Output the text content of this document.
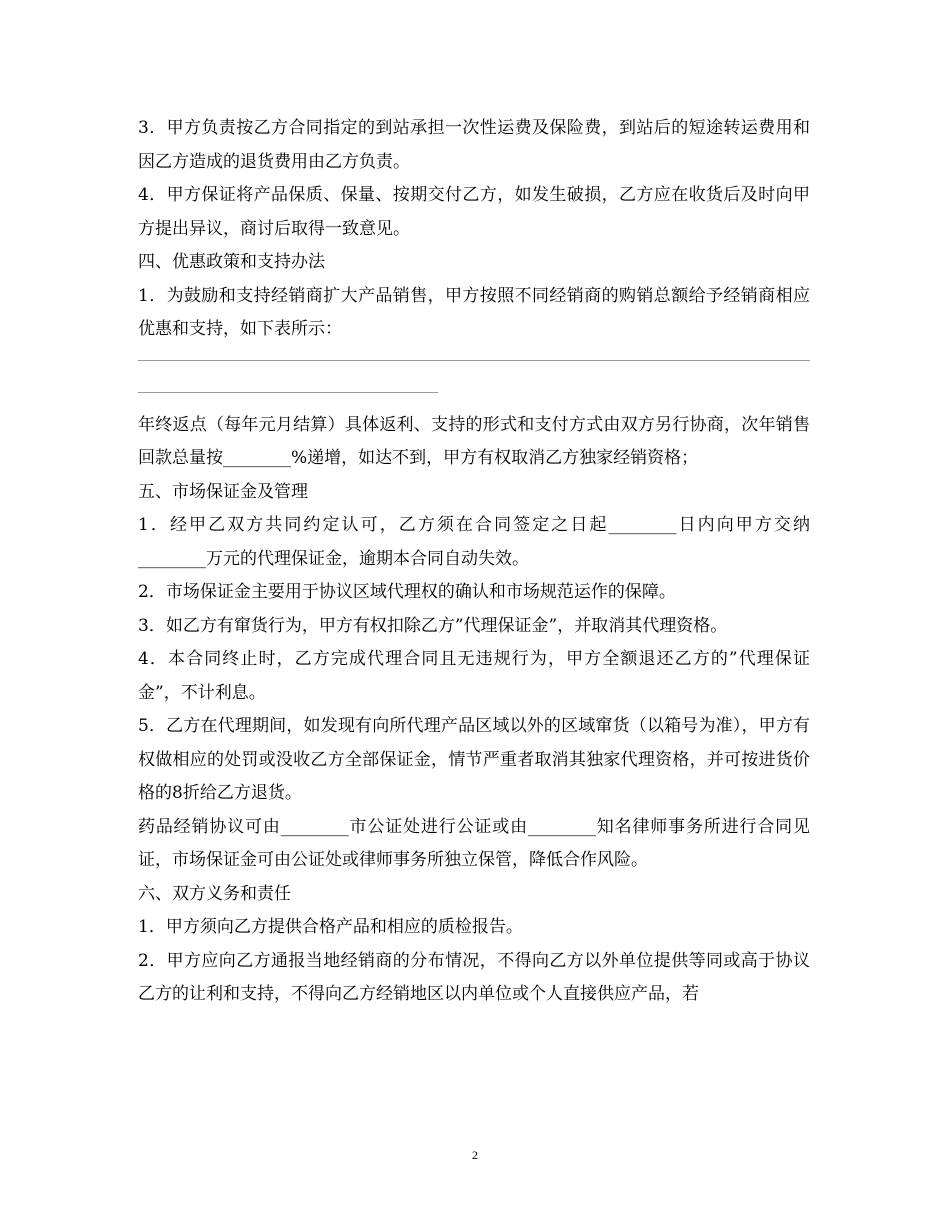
3．甲方负责按乙方合同指定的到站承担一次性运费及保险费，到站后的短途转运费用和因乙方造成的退货费用由乙方负责。

4．甲方保证将产品保质、保量、按期交付乙方，如发生破损，乙方应在收货后及时向甲方提出异议，商讨后取得一致意见。

四、优惠政策和支持办法

1．为鼓励和支持经销商扩大产品销售，甲方按照不同经销商的购销总额给予经销商相应优惠和支持，如下表所示：

年终返点（每年元月结算）具体返利、支持的形式和支付方式由双方另行协商，次年销售回款总量按________%递增，如达不到，甲方有权取消乙方独家经销资格；

五、市场保证金及管理

1．经甲乙双方共同约定认可，乙方须在合同签定之日起________日内向甲方交纳________万元的代理保证金，逾期本合同自动失效。

2．市场保证金主要用于协议区域代理权的确认和市场规范运作的保障。

3．如乙方有窜货行为，甲方有权扣除乙方”代理保证金”，并取消其代理资格。

4．本合同终止时，乙方完成代理合同且无违规行为，甲方全额退还乙方的”代理保证金”，不计利息。

5．乙方在代理期间，如发现有向所代理产品区域以外的区域窜货（以箱号为准），甲方有权做相应的处罚或没收乙方全部保证金，情节严重者取消其独家代理资格，并可按进货价格的8折给乙方退货。

药品经销协议可由________市公证处进行公证或由________知名律师事务所进行合同见证，市场保证金可由公证处或律师事务所独立保管，降低合作风险。

六、双方义务和责任

1．甲方须向乙方提供合格产品和相应的质检报告。

2．甲方应向乙方通报当地经销商的分布情况，不得向乙方以外单位提供等同或高于协议乙方的让利和支持，不得向乙方经销地区以内单位或个人直接供应产品，若

2
